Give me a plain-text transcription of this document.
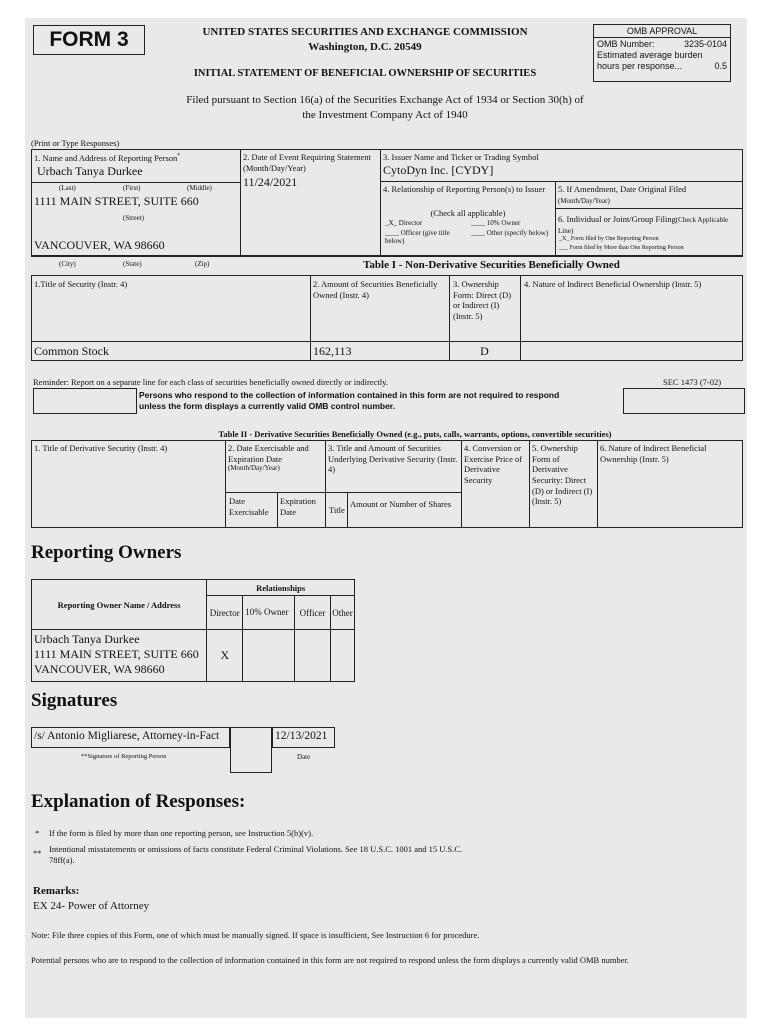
FORM 3	UNITED STATES SECURITIES AND EXCHANGE COMMISSION
Washington, D.C. 20549
INITIAL STATEMENT OF BENEFICIAL OWNERSHIP OF SECURITIES
OMB APPROVAL
OMB Number:	3235-0104
Estimated average burden
hours per response...	0.5
Filed pursuant to Section 16(a) of the Securities Exchange Act of 1934 or Section 30(h) of
the Investment Company Act of 1940
(Print or Type Responses)
1. Name and Address of Reporting Person*
Urbach Tanya Durkee
(Last)	(First)	(Middle)
1111 MAIN STREET, SUITE 660
(Street)
VANCOUVER, WA 98660
(City)	(State)	(Zip)
2. Date of Event Requiring Statement (Month/Day/Year)
11/24/2021
3. Issuer Name and Ticker or Trading Symbol
CytoDyn Inc. [CYDY]
4. Relationship of Reporting Person(s) to Issuer
(Check all applicable)
_X_ Director	____ 10% Owner
____ Officer (give title below)
____ Other (specify below)
5. If Amendment, Date Original Filed (Month/Day/Year)
6. Individual or Joint/Group Filing(Check Applicable Line)
_X_ Form filed by One Reporting Person
___ Form filed by More than One Reporting Person
Table I - Non-Derivative Securities Beneficially Owned
1.Title of Security (Instr. 4)	2. Amount of Securities Beneficially Owned (Instr. 4)
3. Ownership Form: Direct (D) or Indirect (I) (Instr. 5)
4. Nature of Indirect Beneficial Ownership (Instr. 5)
Common Stock	162,113	D
Reminder: Report on a separate line for each class of securities beneficially owned directly or indirectly.	SEC 1473 (7-02)
Persons who respond to the collection of information contained in this form are not required to respond
unless the form displays a currently valid OMB control number.
Table II - Derivative Securities Beneficially Owned (e.g., puts, calls, warrants, options, convertible securities)
1. Title of Derivative Security (Instr. 4)	2. Date Exercisable and Expiration Date
(Month/Day/Year)
3. Title and Amount of Securities Underlying Derivative Security (Instr. 4)
4. Conversion or Exercise Price of Derivative Security
5. Ownership Form of Derivative Security: Direct (D) or Indirect (I) (Instr. 5)
6. Nature of Indirect Beneficial Ownership (Instr. 5)
Date Exercisable
Expiration Date	Title
Amount or Number of Shares
Reporting Owners
Reporting Owner Name / Address	Relationships			
	Director	10% Owner	Officer	Other

Urbach Tanya Durkee
1111 MAIN STREET, SUITE 660
VANCOUVER, WA 98660	X			
Signatures
/s/ Antonio Migliarese, Attorney-in-Fact
**Signature of Reporting Person
12/13/2021
Date
Explanation of Responses:
* If the form is filed by more than one reporting person, see Instruction 5(b)(v).
** Intentional misstatements or omissions of facts constitute Federal Criminal Violations. See 18 U.S.C. 1001 and 15 U.S.C.
78ff(a).
Remarks:
EX 24- Power of Attorney
Note: File three copies of this Form, one of which must be manually signed. If space is insufficient, See Instruction 6 for procedure.
Potential persons who are to respond to the collection of information contained in this form are not required to respond unless the form displays a currently valid OMB number.
